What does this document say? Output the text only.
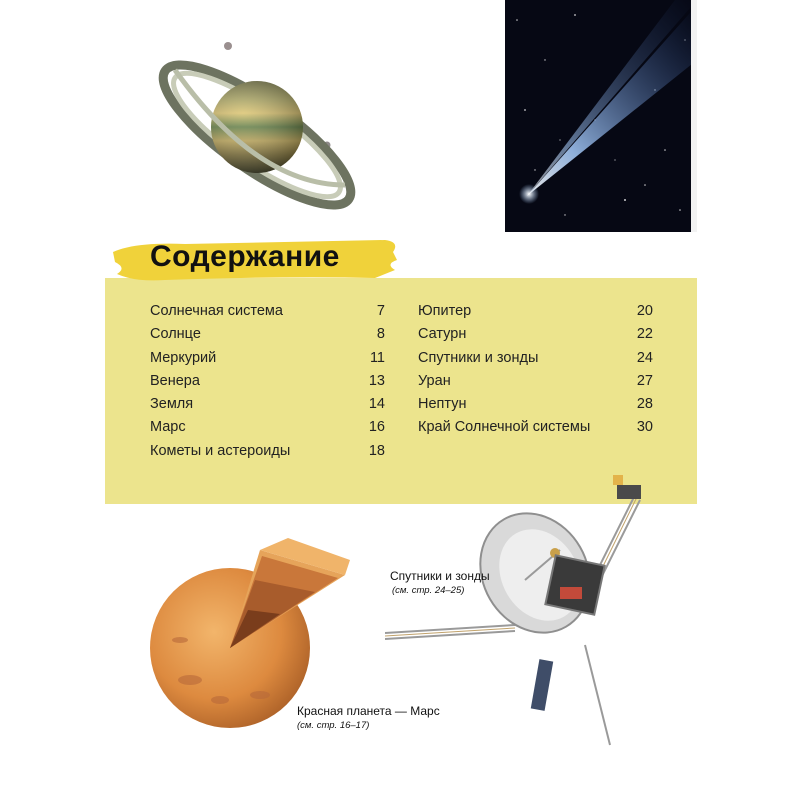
Содержание
Солнечная система	7
Солнце	8
Меркурий	11
Венера	13
Земля	14
Марс	16
Кометы и астероиды	18
Юпитер	20
Сатурн	22
Спутники и зонды	24
Уран	27
Нептун	28
Край Солнечной системы	30
Спутники и зонды
(см. стр. 24–25)
Красная планета — Марс
(см. стр. 16–17)
